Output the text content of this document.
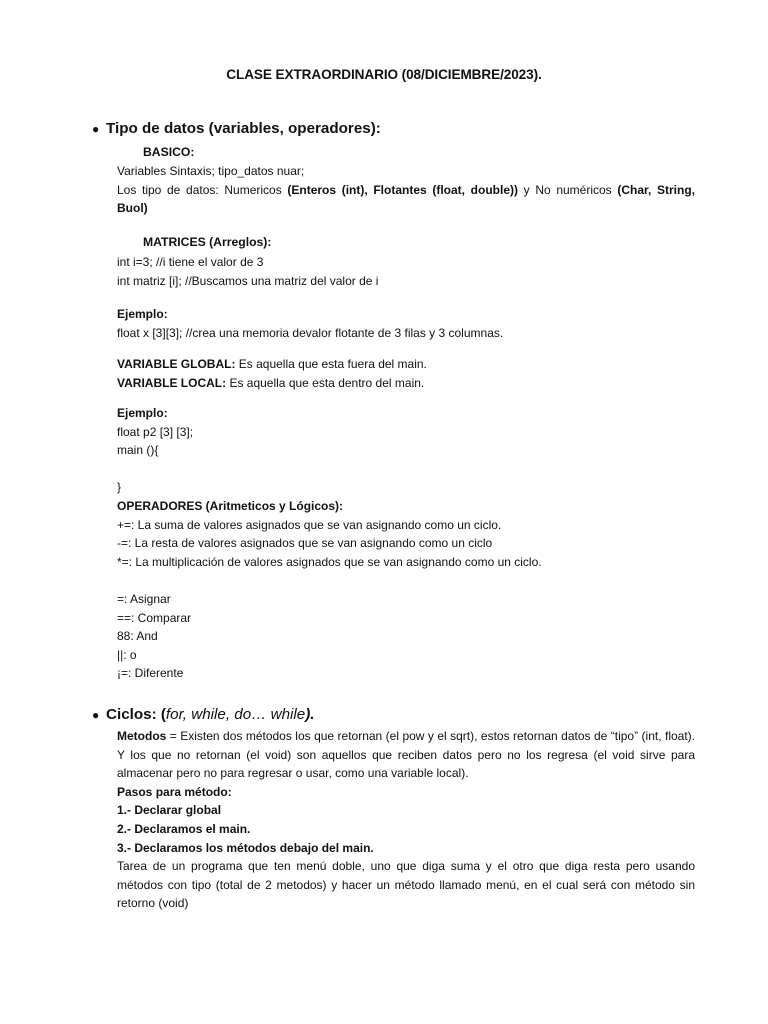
CLASE EXTRAORDINARIO (08/DICIEMBRE/2023).
● Tipo de datos (variables, operadores):
BASICO:

Variables Sintaxis; tipo_datos nuar;

Los tipo de datos: Numericos (Enteros (int), Flotantes (float, double)) y No numéricos (Char, String, Buol)

MATRICES (Arreglos):

int i=3; //i tiene el valor de 3

int matriz [i]; //Buscamos una matriz del valor de i

Ejemplo:

float x [3][3]; //crea una memoria devalor flotante de 3 filas y 3 columnas.

VARIABLE GLOBAL: Es aquella que esta fuera del main.

VARIABLE LOCAL: Es aquella que esta dentro del main.

Ejemplo:

float p2 [3] [3];

main (){

}

OPERADORES (Aritmeticos y Lógicos):

+=: La suma de valores asignados que se van asignando como un ciclo.

-=: La resta de valores asignados que se van asignando como un ciclo

*=: La multiplicación de valores asignados que se van asignando como un ciclo.

=: Asignar

==: Comparar

88: And

||: o

¡=: Diferente

● Ciclos: (for, while, do… while).

Metodos = Existen dos métodos los que retornan (el pow y el sqrt), estos retornan datos de “tipo” (int, float). Y los que no retornan (el void) son aquellos que reciben datos pero no los regresa (el void sirve para almacenar pero no para regresar o usar, como una variable local).

Pasos para método:

1.- Declarar global

2.- Declaramos el main.

3.- Declaramos los métodos debajo del main.

Tarea de un programa que ten menú doble, uno que diga suma y el otro que diga resta pero usando métodos con tipo (total de 2 metodos) y hacer un método llamado menú, en el cual será con método sin retorno (void)
